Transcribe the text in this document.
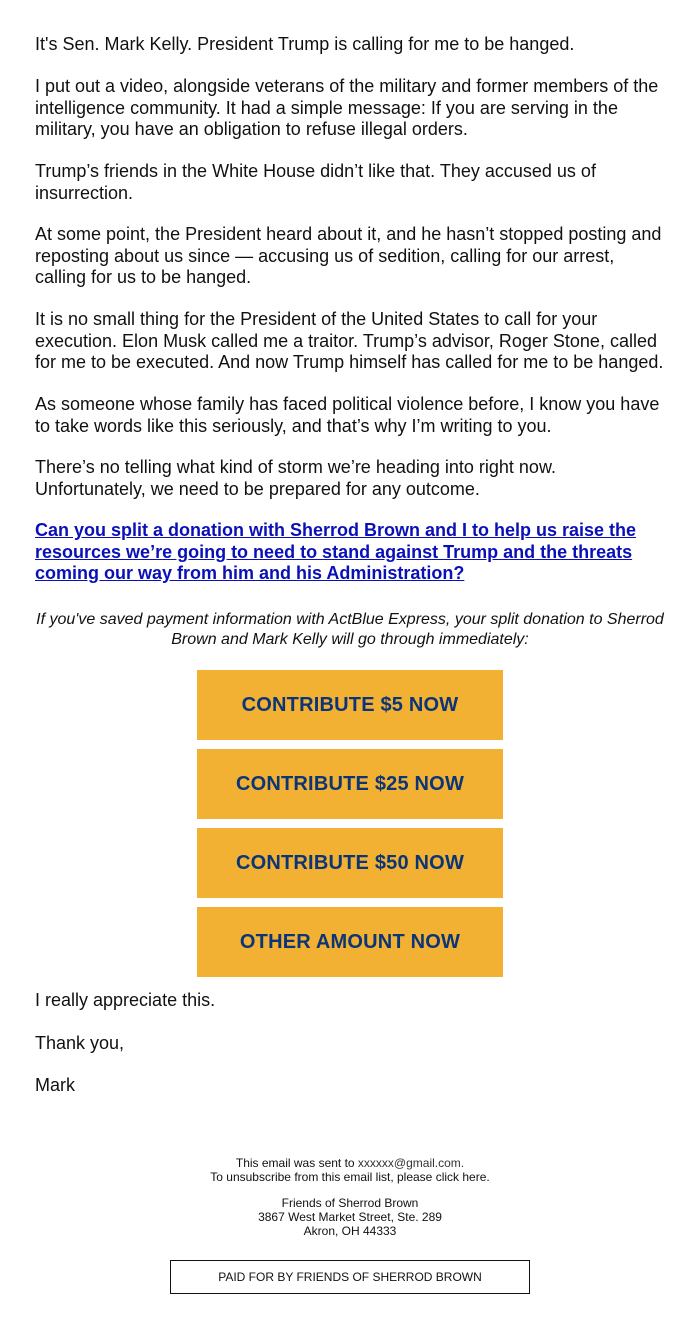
It's Sen. Mark Kelly. President Trump is calling for me to be hanged.
I put out a video, alongside veterans of the military and former members of the intelligence community. It had a simple message: If you are serving in the military, you have an obligation to refuse illegal orders.
Trump’s friends in the White House didn’t like that. They accused us of insurrection.
At some point, the President heard about it, and he hasn’t stopped posting and reposting about us since — accusing us of sedition, calling for our arrest, calling for us to be hanged.
It is no small thing for the President of the United States to call for your execution. Elon Musk called me a traitor. Trump’s advisor, Roger Stone, called for me to be executed. And now Trump himself has called for me to be hanged.
As someone whose family has faced political violence before, I know you have to take words like this seriously, and that’s why I’m writing to you.
There’s no telling what kind of storm we’re heading into right now. Unfortunately, we need to be prepared for any outcome.
Can you split a donation with Sherrod Brown and I to help us raise the resources we’re going to need to stand against Trump and the threats coming our way from him and his Administration?
If you've saved payment information with ActBlue Express, your split donation to Sherrod Brown and Mark Kelly will go through immediately:
CONTRIBUTE $5 NOW
CONTRIBUTE $25 NOW
CONTRIBUTE $50 NOW
OTHER AMOUNT NOW
I really appreciate this.
Thank you,
Mark
This email was sent to xxxxxx@gmail.com.
To unsubscribe from this email list, please click here.
Friends of Sherrod Brown
3867 West Market Street, Ste. 289
Akron, OH 44333
PAID FOR BY FRIENDS OF SHERROD BROWN
